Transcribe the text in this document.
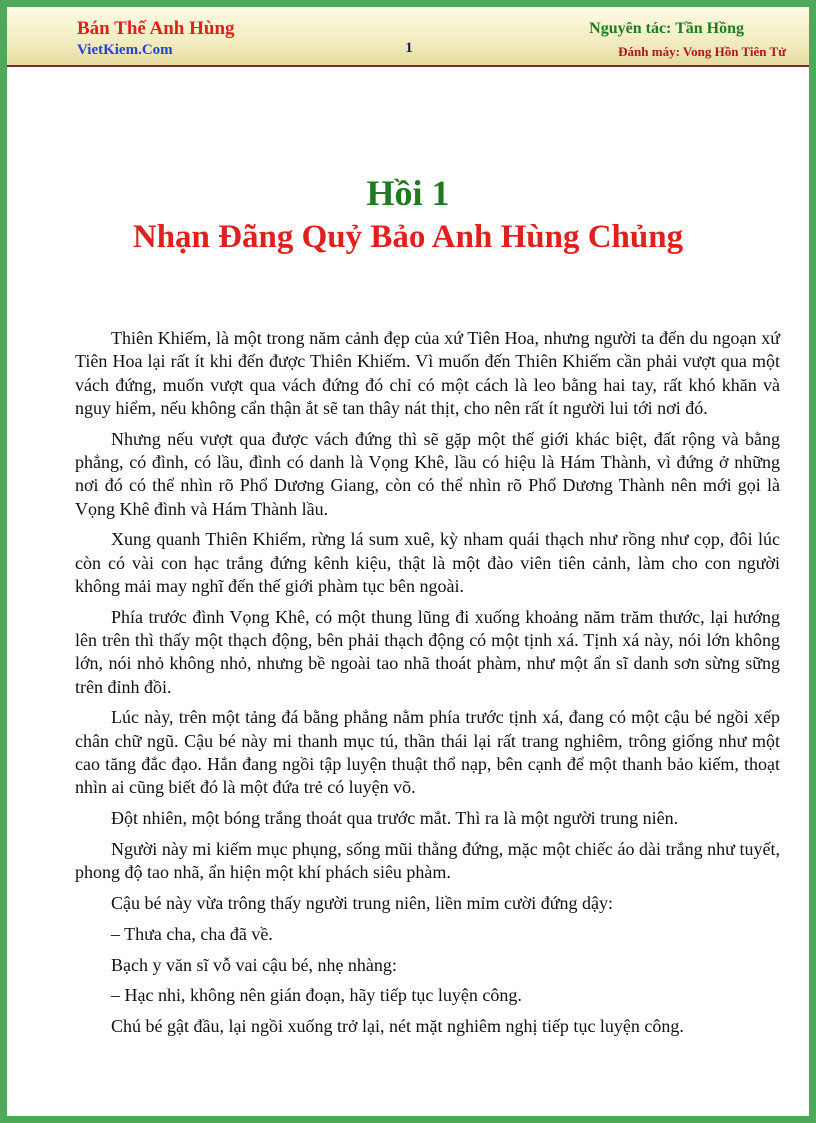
Bán Thế Anh Hùng
VietKiem.Com	1
Nguyên tác: Tần Hồng
Đánh máy: Vong Hồn Tiên Tử
Hồi 1
Nhạn Đãng Quỷ Bảo Anh Hùng Chủng

Thiên Khiếm, là một trong năm cảnh đẹp của xứ Tiên Hoa, nhưng người ta đến du ngoạn xứ Tiên Hoa lại rất ít khi đến được Thiên Khiếm. Vì muốn đến Thiên Khiếm cần phải vượt qua một vách đứng, muốn vượt qua vách đứng đó chỉ có một cách là leo bằng hai tay, rất khó khăn và nguy hiểm, nếu không cẩn thận ắt sẽ tan thây nát thịt, cho nên rất ít người lui tới nơi đó.

Nhưng nếu vượt qua được vách đứng thì sẽ gặp một thế giới khác biệt, đất rộng và bằng phẳng, có đình, có lầu, đình có danh là Vọng Khê, lầu có hiệu là Hám Thành, vì đứng ở những nơi đó có thể nhìn rõ Phổ Dương Giang, còn có thể nhìn rõ Phổ Dương Thành nên mới gọi là Vọng Khê đình và Hám Thành lầu.

Xung quanh Thiên Khiếm, rừng lá sum xuê, kỳ nham quái thạch như rồng như cọp, đôi lúc còn có vài con hạc trắng đứng kênh kiệu, thật là một đào viên tiên cảnh, làm cho con người không mải may nghĩ đến thế giới phàm tục bên ngoài.

Phía trước đình Vọng Khê, có một thung lũng đi xuống khoảng năm trăm thước, lại hướng lên trên thì thấy một thạch động, bên phải thạch động có một tịnh xá. Tịnh xá này, nói lớn không lớn, nói nhỏ không nhỏ, nhưng bề ngoài tao nhã thoát phàm, như một ẩn sĩ danh sơn sừng sững trên đỉnh đồi.

Lúc này, trên một tảng đá bằng phẳng nằm phía trước tịnh xá, đang có một cậu bé ngồi xếp chân chữ ngũ. Cậu bé này mi thanh mục tú, thần thái lại rất trang nghiêm, trông giống như một cao tăng đắc đạo. Hắn đang ngồi tập luyện thuật thổ nạp, bên cạnh để một thanh bảo kiếm, thoạt nhìn ai cũng biết đó là một đứa trẻ có luyện võ.

Đột nhiên, một bóng trắng thoát qua trước mắt. Thì ra là một người trung niên.

Người này mi kiếm mục phụng, sống mũi thẳng đứng, mặc một chiếc áo dài trắng như tuyết, phong độ tao nhã, ẩn hiện một khí phách siêu phàm.

Cậu bé này vừa trông thấy người trung niên, liền mỉm cười đứng dậy:

– Thưa cha, cha đã về.

Bạch y văn sĩ vỗ vai cậu bé, nhẹ nhàng:

– Hạc nhi, không nên gián đoạn, hãy tiếp tục luyện công.

Chú bé gật đầu, lại ngồi xuống trở lại, nét mặt nghiêm nghị tiếp tục luyện công.
